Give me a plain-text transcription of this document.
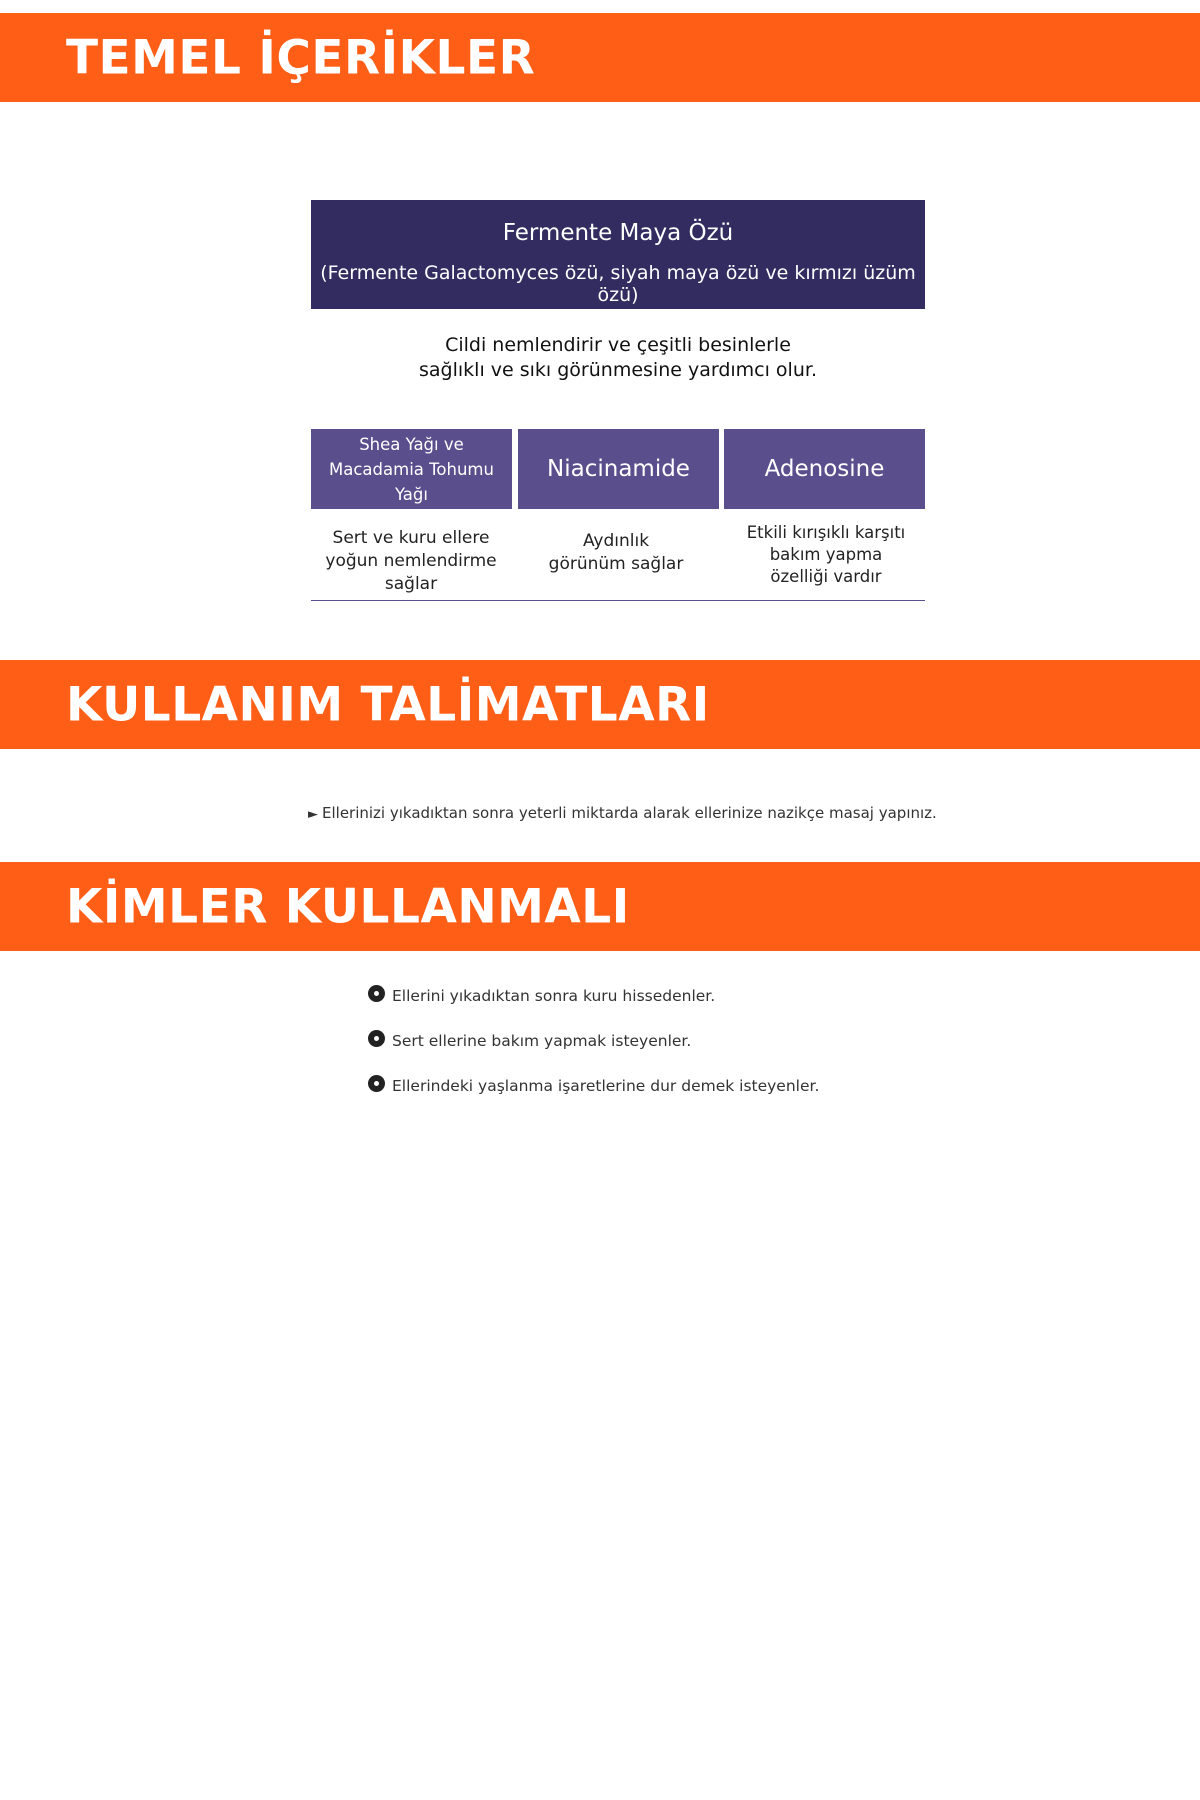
TEMEL İÇERİKLER
Fermente Maya Özü
(Fermente Galactomyces özü, siyah maya özü ve kırmızı üzüm özü)
Cildi nemlendirir ve çeşitli besinlerle
sağlıklı ve sıkı görünmesine yardımcı olur.
Shea Yağı ve
Macadamia Tohumu Yağı
Niacinamide	Adenosine
Sert ve kuru ellere
yoğun nemlendirme sağlar
Aydınlık
görünüm sağlar
Etkili kırışıklı karşıtı
bakım yapma
özelliği vardır
KULLANIM TALİMATLARI
► Ellerinizi yıkadıktan sonra yeterli miktarda alarak ellerinize nazikçe masaj yapınız.
KİMLER KULLANMALI
Ellerini yıkadıktan sonra kuru hissedenler.
Sert ellerine bakım yapmak isteyenler.
Ellerindeki yaşlanma işaretlerine dur demek isteyenler.
